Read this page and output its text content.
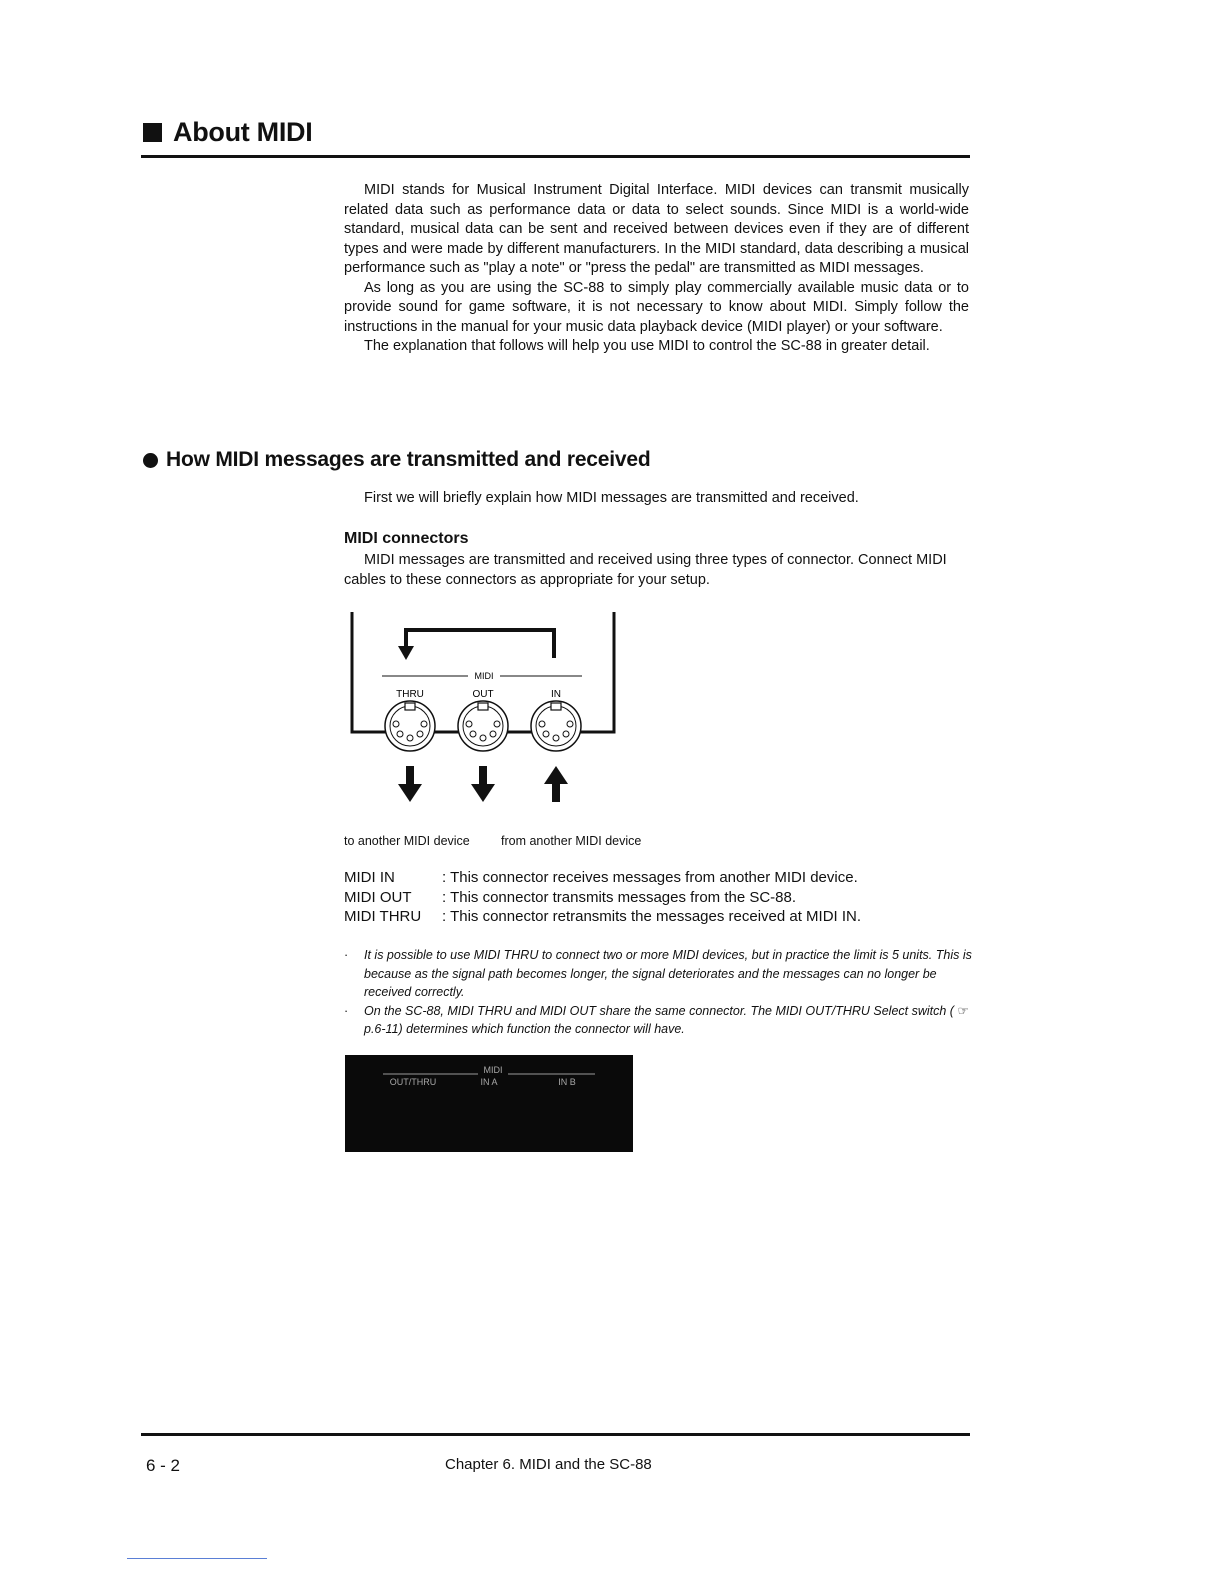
About MIDI

MIDI stands for Musical Instrument Digital Interface. MIDI devices can transmit musically related data such as performance data or data to select sounds. Since MIDI is a world-wide standard, musical data can be sent and received between devices even if they are of different types and were made by different manufacturers. In the MIDI standard, data describing a musical performance such as "play a note" or "press the pedal" are transmitted as MIDI messages.

As long as you are using the SC-88 to simply play commercially available music data or to provide sound for game software, it is not necessary to know about MIDI. Simply follow the instructions in the manual for your music data playback device (MIDI player) or your software.

The explanation that follows will help you use MIDI to control the SC-88 in greater detail.

How MIDI messages are transmitted and received
First we will briefly explain how MIDI messages are transmitted and received.
MIDI connectors

MIDI messages are transmitted and received using three types of connector. Connect MIDI cables to these connectors as appropriate for your setup.

MIDI
THRU	OUT	IN
to another MIDI device from another MIDI device
MIDI IN	: This connector receives messages from another MIDI device.
MIDI OUT	: This connector transmits messages from the SC-88.
MIDI THRU	: This connector retransmits the messages received at MIDI IN.

·	It is possible to use MIDI THRU to connect two or more MIDI devices, but in practice the limit is 5 units. This is because as the signal path becomes longer, the signal deteriorates and the messages can no longer be received correctly.

·	On the SC-88, MIDI THRU and MIDI OUT share the same connector. The MIDI OUT/THRU Select switch ( ☞ p.6-11) determines which function the connector will have.

MIDI
OUT/THRU	IN A	IN B
6 - 2	Chapter 6. MIDI and the SC-88
